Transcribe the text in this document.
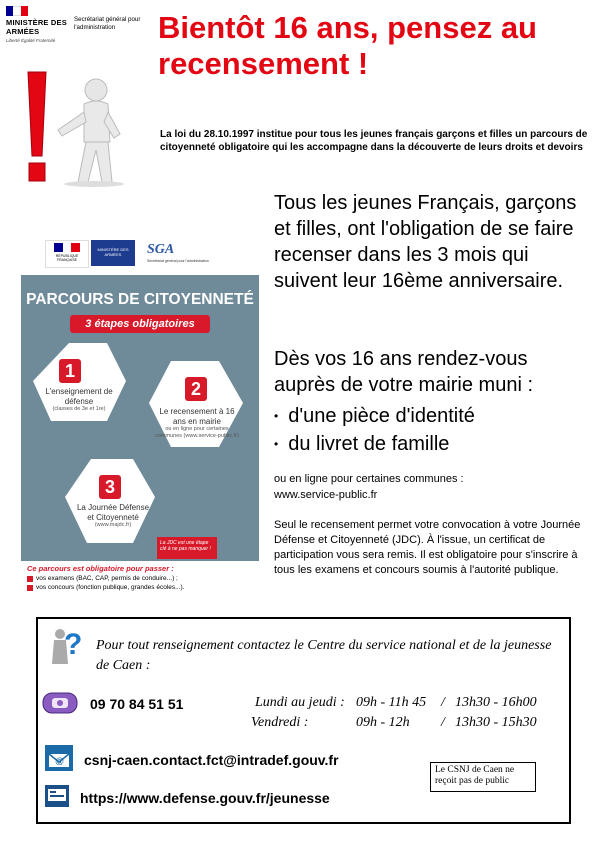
MINISTÈRE DES ARMÉES
Liberté Égalité Fraternité
Secrétariat général pour l'administration	Bientôt 16 ans, pensez au recensement !
La loi du 28.10.1997 institue pour tous les jeunes français garçons et filles un parcours de citoyenneté obligatoire qui les accompagne dans la découverte de leurs droits et devoirs
Tous les jeunes Français, garçons et filles, ont l'obligation de se faire recenser dans les 3 mois qui suivent leur 16ème anniversaire.
Dès vos 16 ans rendez-vous auprès de votre mairie muni :
• d'une pièce d'identité
• du livret de famille
ou en ligne pour certaines communes :
www.service-public.fr
Seul le recensement permet votre convocation à votre Journée Défense et Citoyenneté (JDC). À l'issue, un certificat de participation vous sera remis. Il est obligatoire pour s'inscrire à tous les examens et concours soumis à l'autorité publique.
RÉPUBLIQUE FRANÇAISE
MINISTÈRE DES ARMÉES	SGA
Secrétariat général pour l'administration
PARCOURS DE CITOYENNETÉ
3 étapes obligatoires
1
L'enseignement de défense
(classes de 3e et 1re)
2
Le recensement à 16 ans en mairie
ou en ligne pour certaines communes (www.service-public.fr)
3
La Journée Défense et Citoyenneté
(www.majdc.fr)
La JDC est une étape clé à ne pas manquer !
Ce parcours est obligatoire pour passer :
vos examens (BAC, CAP, permis de conduire...) ;
vos concours (fonction publique, grandes écoles...).
? Pour tout renseignement contactez le Centre du service national et de la jeunesse de Caen :
09 70 84 51 51	Lundi au jeudi : 09h - 11h 45 / 13h30 - 16h00
Vendredi :	09h - 12h / 13h30 - 15h30
@ csnj-caen.contact.fct@intradef.gouv.fr
https://www.defense.gouv.fr/jeunesse
Le CSNJ de Caen ne reçoit pas de public
